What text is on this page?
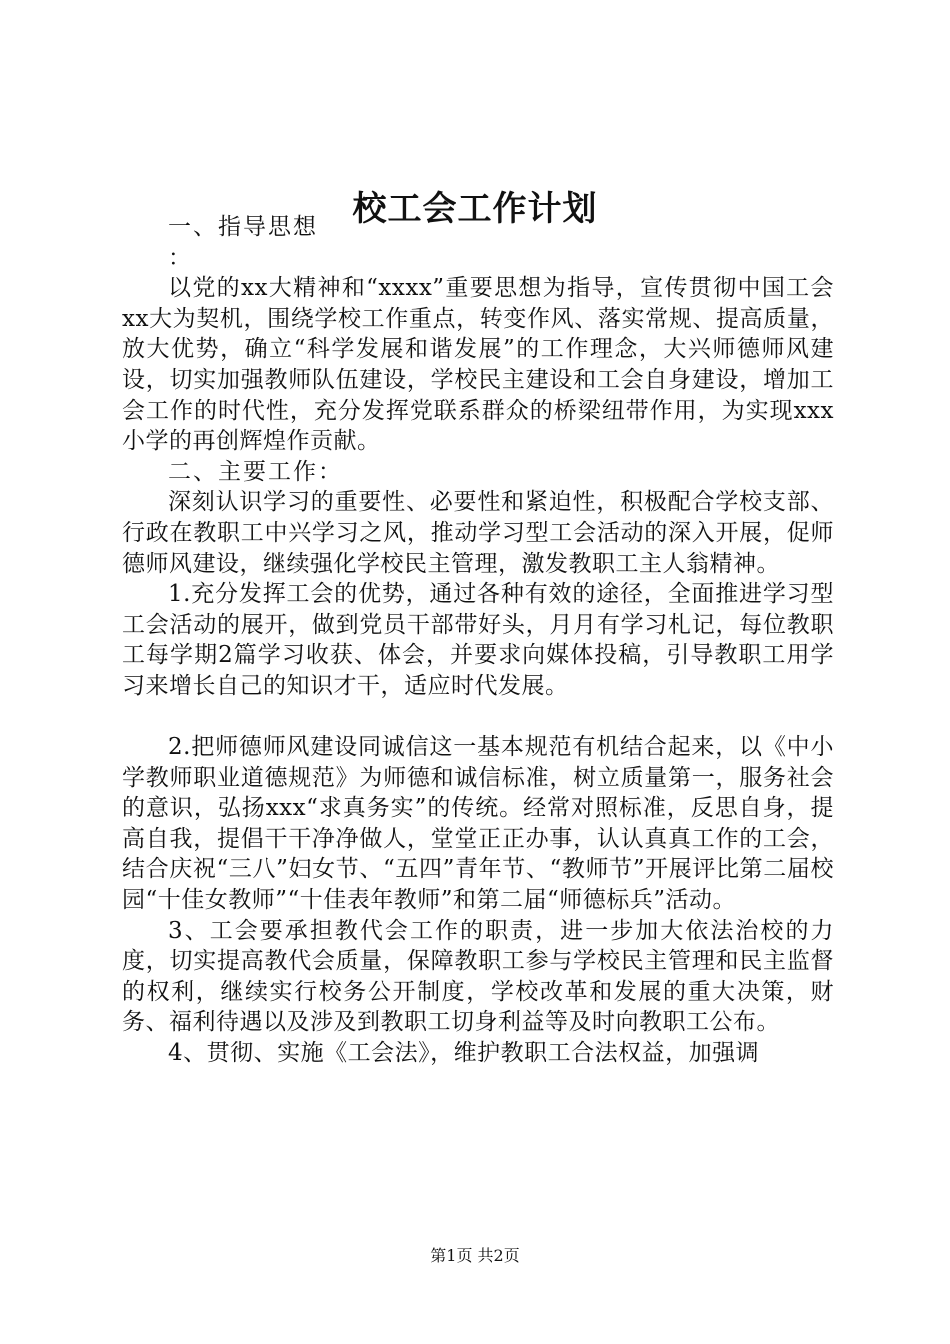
校工会工作计划

一、指导思想

：

以党的xx大精神和“xxxx”重要思想为指导，宣传贯彻中国工会xx大为契机，围绕学校工作重点，转变作风、落实常规、提高质量，放大优势，确立“科学发展和谐发展”的工作理念，大兴师德师风建设，切实加强教师队伍建设，学校民主建设和工会自身建设，增加工会工作的时代性，充分发挥党联系群众的桥梁纽带作用，为实现xxx小学的再创辉煌作贡献。

二、主要工作：

深刻认识学习的重要性、必要性和紧迫性，积极配合学校支部、行政在教职工中兴学习之风，推动学习型工会活动的深入开展，促师德师风建设，继续强化学校民主管理，激发教职工主人翁精神。

1.充分发挥工会的优势，通过各种有效的途径，全面推进学习型工会活动的展开，做到党员干部带好头，月月有学习札记，每位教职工每学期2篇学习收获、体会，并要求向媒体投稿，引导教职工用学习来增长自己的知识才干，适应时代发展。

2.把师德师风建设同诚信这一基本规范有机结合起来，以《中小学教师职业道德规范》为师德和诚信标准，树立质量第一，服务社会的意识，弘扬xxx“求真务实”的传统。经常对照标准，反思自身，提高自我，提倡干干净净做人，堂堂正正办事，认认真真工作的工会，结合庆祝“三八”妇女节、“五四”青年节、“教师节”开展评比第二届校园“十佳女教师”“十佳表年教师”和第二届“师德标兵”活动。

3、工会要承担教代会工作的职责，进一步加大依法治校的力度，切实提高教代会质量，保障教职工参与学校民主管理和民主监督的权利，继续实行校务公开制度，学校改革和发展的重大决策，财务、福利待遇以及涉及到教职工切身利益等及时向教职工公布。

4、贯彻、实施《工会法》，维护教职工合法权益，加强调

第1页 共2页
